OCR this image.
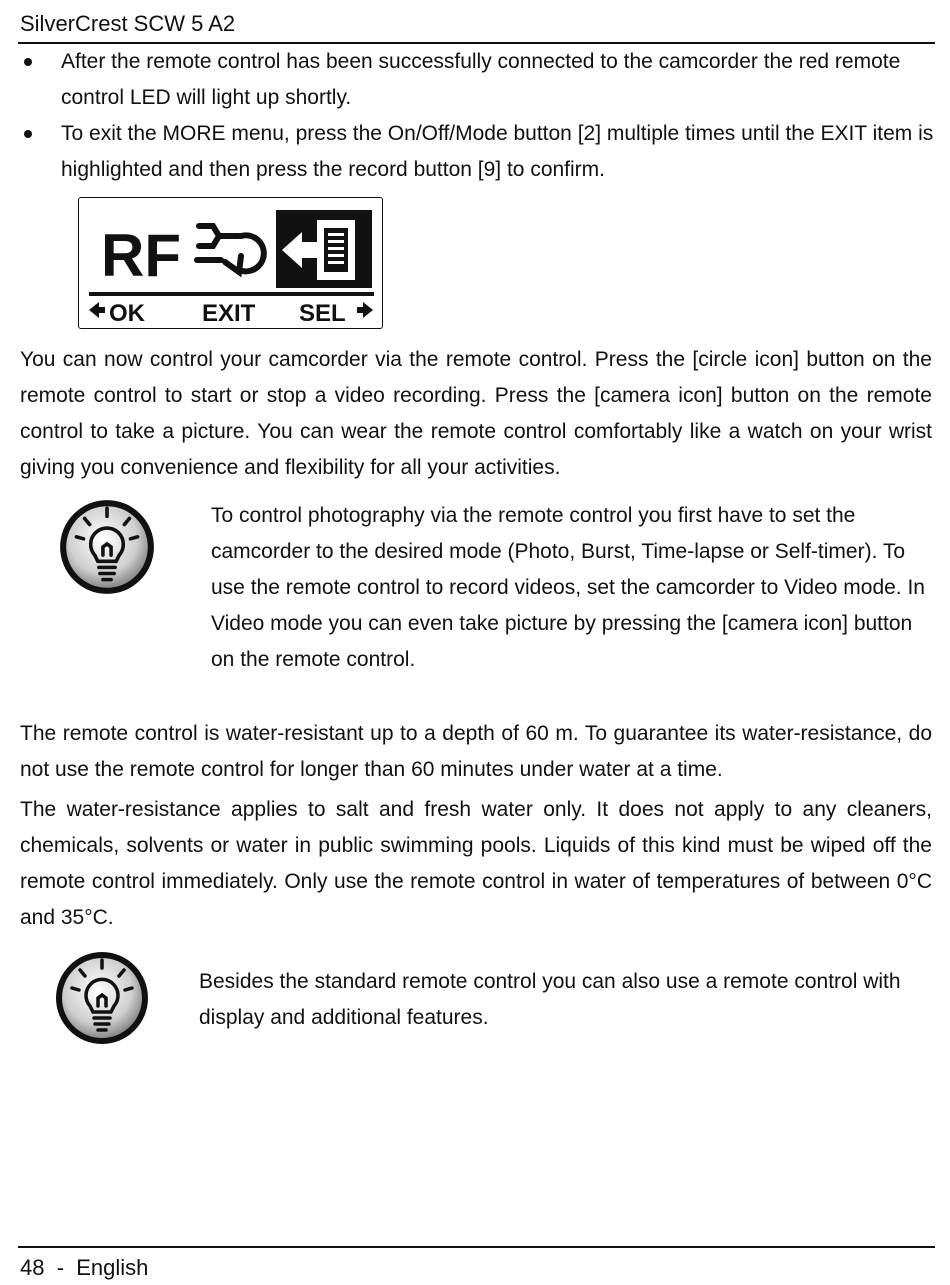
SilverCrest SCW 5 A2
After the remote control has been successfully connected to the camcorder the red remote control LED will light up shortly.
To exit the MORE menu, press the On/Off/Mode button [2] multiple times until the EXIT item is highlighted and then press the record button [9] to confirm.
RF
OK EXIT SEL
You can now control your camcorder via the remote control. Press the [circle icon] button on the remote control to start or stop a video recording. Press the [camera icon] button on the remote control to take a picture. You can wear the remote control comfortably like a watch on your wrist giving you convenience and flexibility for all your activities.
To control photography via the remote control you first have to set the camcorder to the desired mode (Photo, Burst, Time-lapse or Self-timer). To use the remote control to record videos, set the camcorder to Video mode. In Video mode you can even take picture by pressing the [camera icon] button on the remote control.
The remote control is water-resistant up to a depth of 60 m. To guarantee its water-resistance, do not use the remote control for longer than 60 minutes under water at a time.
The water-resistance applies to salt and fresh water only. It does not apply to any cleaners, chemicals, solvents or water in public swimming pools. Liquids of this kind must be wiped off the remote control immediately. Only use the remote control in water of temperatures of between 0°C and 35°C.
Besides the standard remote control you can also use a remote control with display and additional features.
48  -  English
